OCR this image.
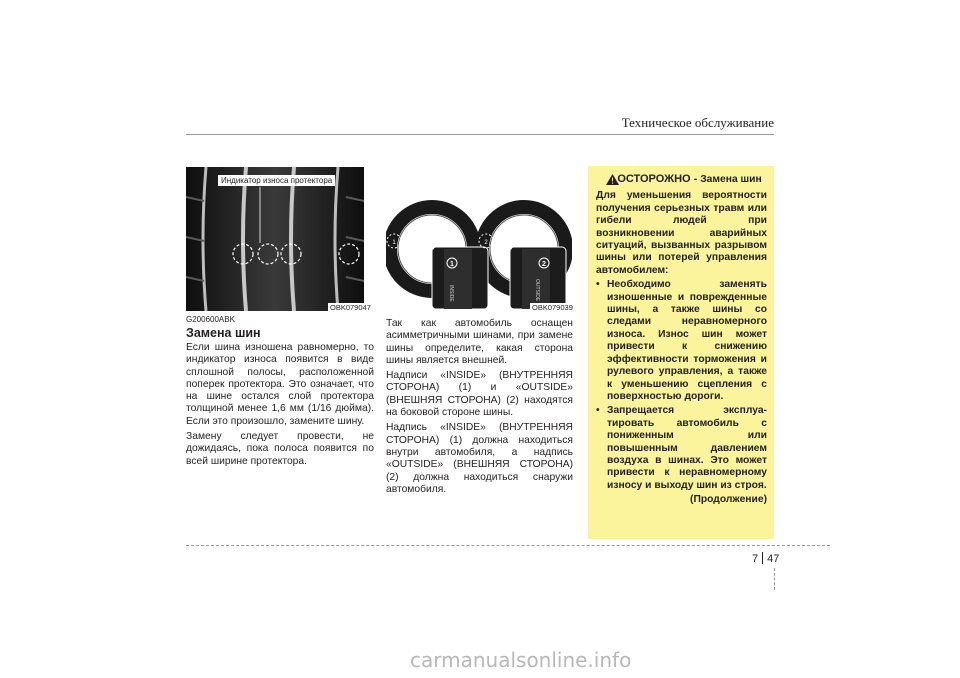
Техническое обслуживание
Индикатор износа протектора
OBK079047
1	2
INSIDE	OUTSIDE
1	2
OBK079039
G200600ABK
Замена шин

Если шина изношена равномерно, то индикатор износа появится в виде сплошной полосы, расположенной поперек протектора. Это означает, что на шине остался слой протектора толщиной менее 1,6 мм (1/16 дюйма). Если это произошло, замените шину.

Замену следует провести, не дожидаясь, пока полоса появится по всей ширине протектора.

Так как автомобиль оснащен асимметричными шинами, при замене шины определите, какая сторона шины является внешней.

Надписи «INSIDE» (ВНУТРЕННЯЯ СТОРОНА) (1) и «OUTSIDE» (ВНЕШНЯЯ СТОРОНА) (2) находятся на боковой стороне шины.

Надпись «INSIDE» (ВНУТРЕННЯЯ СТОРОНА) (1) должна находиться внутри автомобиля, а надпись «OUTSIDE» (ВНЕШНЯЯ СТОРОНА) (2) должна находиться снаружи автомобиля.

ОСТОРОЖНО - Замена шин

Для уменьшения вероятности получения серьезных травм или гибели людей при возникновении аварийных ситуаций, вызванных разрывом шины или потерей управления автомобилем:

• Необходимо заменять изношенные и поврежденные шины, а также шины со следами неравномерного износа. Износ шин может привести к снижению эффективности торможения и рулевого управления, а также к уменьшению сцепления с поверхностью дороги.
• Запрещается эксплуа-тировать автомобиль с пониженным или повышенным давлением воздуха в шинах. Это может привести к неравномерному износу и выходу шин из строя.
(Продолжение)
7 47
carmanualsonline.info
